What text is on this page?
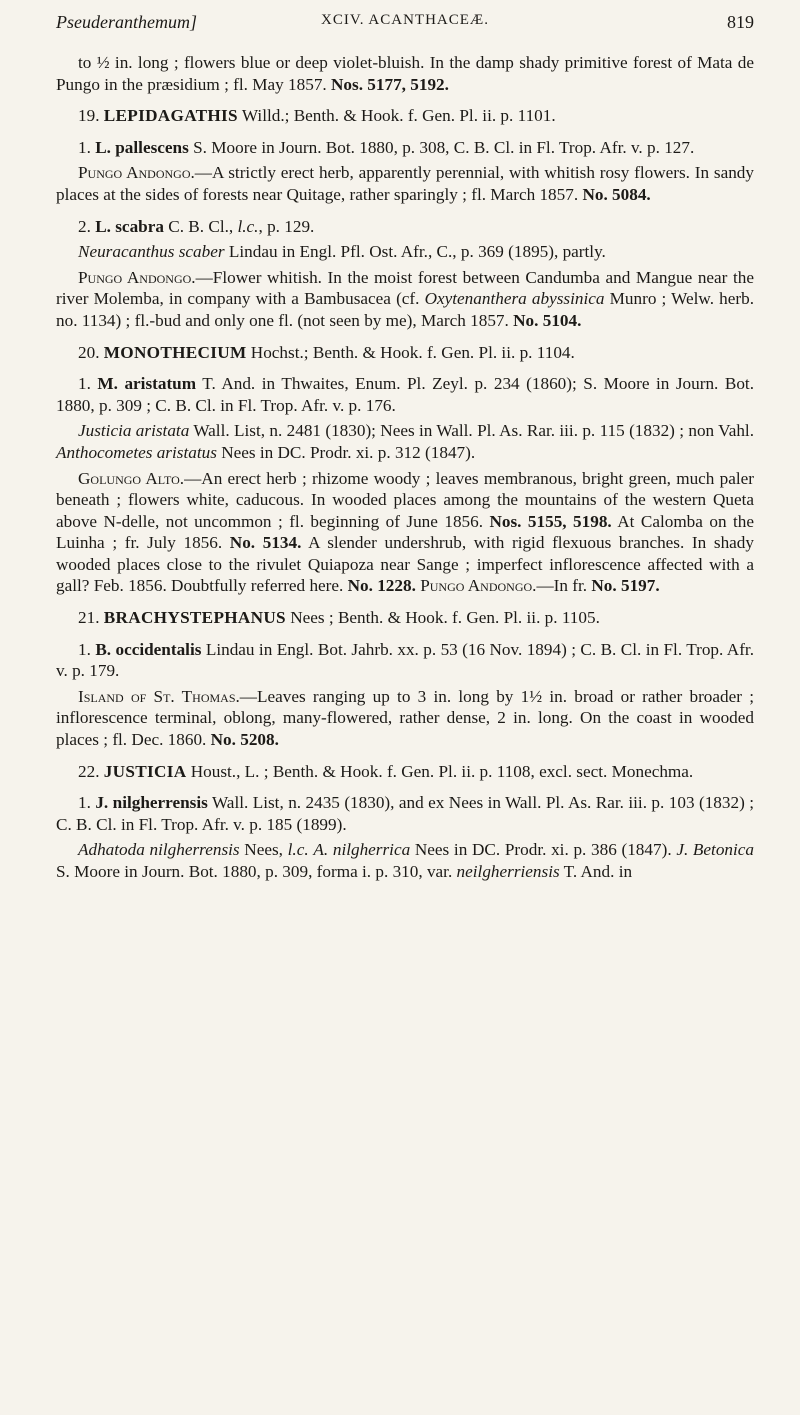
Pseuderanthemum]	XCIV. ACANTHACEÆ.	819

to ½ in. long ; flowers blue or deep violet-bluish. In the damp shady primitive forest of Mata de Pungo in the præsidium ; fl. May 1857. Nos. 5177, 5192.

19. LEPIDAGATHIS Willd.; Benth. & Hook. f. Gen. Pl. ii. p. 1101.

1. L. pallescens S. Moore in Journ. Bot. 1880, p. 308, C. B. Cl. in Fl. Trop. Afr. v. p. 127.

Pungo Andongo.—A strictly erect herb, apparently perennial, with whitish rosy flowers. In sandy places at the sides of forests near Quitage, rather sparingly ; fl. March 1857. No. 5084.

2. L. scabra C. B. Cl., l.c., p. 129.

Neuracanthus scaber Lindau in Engl. Pfl. Ost. Afr., C., p. 369 (1895), partly.

Pungo Andongo.—Flower whitish. In the moist forest between Candumba and Mangue near the river Molemba, in company with a Bambusacea (cf. Oxytenanthera abyssinica Munro ; Welw. herb. no. 1134) ; fl.-bud and only one fl. (not seen by me), March 1857. No. 5104.

20. MONOTHECIUM Hochst.; Benth. & Hook. f. Gen. Pl. ii. p. 1104.

1. M. aristatum T. And. in Thwaites, Enum. Pl. Zeyl. p. 234 (1860); S. Moore in Journ. Bot. 1880, p. 309 ; C. B. Cl. in Fl. Trop. Afr. v. p. 176.

Justicia aristata Wall. List, n. 2481 (1830); Nees in Wall. Pl. As. Rar. iii. p. 115 (1832) ; non Vahl. Anthocometes aristatus Nees in DC. Prodr. xi. p. 312 (1847).

Golungo Alto.—An erect herb ; rhizome woody ; leaves membranous, bright green, much paler beneath ; flowers white, caducous. In wooded places among the mountains of the western Queta above N-delle, not uncommon ; fl. beginning of June 1856. Nos. 5155, 5198. At Calomba on the Luinha ; fr. July 1856. No. 5134. A slender undershrub, with rigid flexuous branches. In shady wooded places close to the rivulet Quiapoza near Sange ; imperfect inflorescence affected with a gall? Feb. 1856. Doubtfully referred here. No. 1228. Pungo Andongo.—In fr. No. 5197.

21. BRACHYSTEPHANUS Nees ; Benth. & Hook. f. Gen. Pl. ii. p. 1105.

1. B. occidentalis Lindau in Engl. Bot. Jahrb. xx. p. 53 (16 Nov. 1894) ; C. B. Cl. in Fl. Trop. Afr. v. p. 179.

Island of St. Thomas.—Leaves ranging up to 3 in. long by 1½ in. broad or rather broader ; inflorescence terminal, oblong, many-flowered, rather dense, 2 in. long. On the coast in wooded places ; fl. Dec. 1860. No. 5208.

22. JUSTICIA Houst., L. ; Benth. & Hook. f. Gen. Pl. ii. p. 1108, excl. sect. Monechma.

1. J. nilgherrensis Wall. List, n. 2435 (1830), and ex Nees in Wall. Pl. As. Rar. iii. p. 103 (1832) ; C. B. Cl. in Fl. Trop. Afr. v. p. 185 (1899).

Adhatoda nilgherrensis Nees, l.c. A. nilgherrica Nees in DC. Prodr. xi. p. 386 (1847). J. Betonica S. Moore in Journ. Bot. 1880, p. 309, forma i. p. 310, var. neilgherriensis T. And. in
